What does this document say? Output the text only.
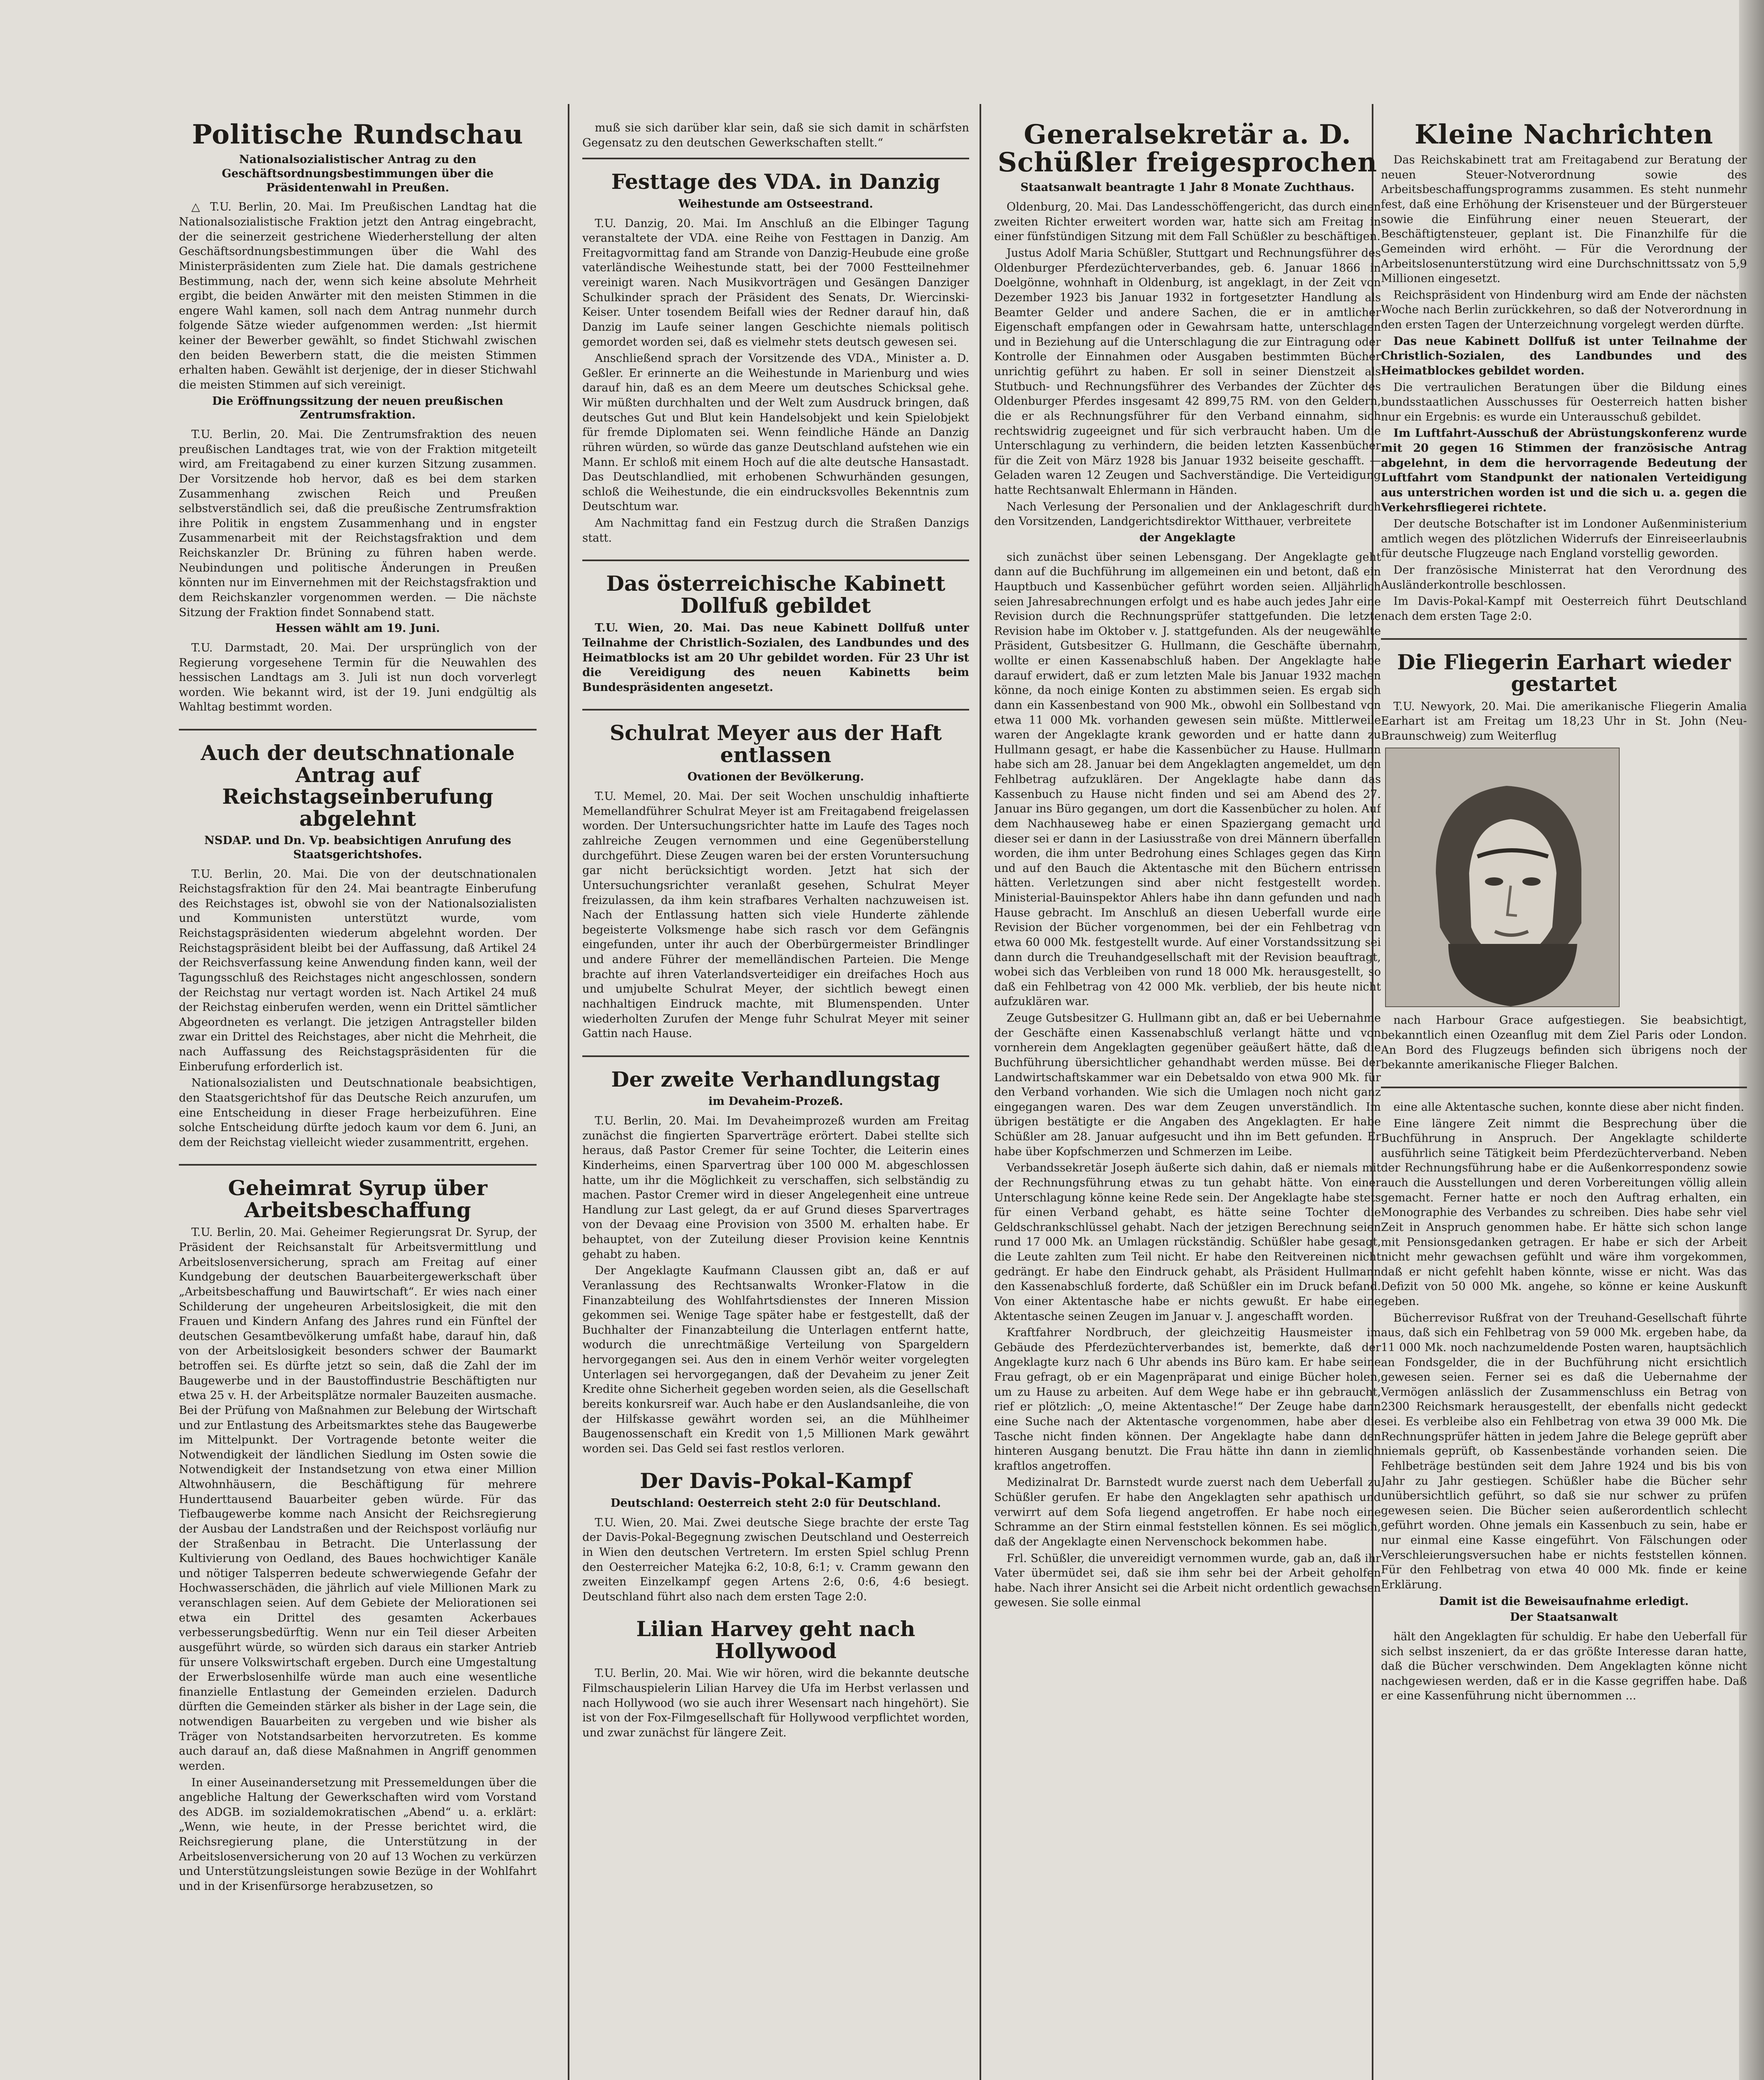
Politische Rundschau
Nationalsozialistischer Antrag zu den Geschäftsordnungsbestimmungen über die Präsidentenwahl in Preußen.

△ T.U. Berlin, 20. Mai. Im Preußischen Landtag hat die Nationalsozialistische Fraktion jetzt den Antrag eingebracht, der die seinerzeit gestrichene Wiederherstellung der alten Geschäftsordnungsbestimmungen über die Wahl des Ministerpräsidenten zum Ziele hat. Die damals gestrichene Bestimmung, nach der, wenn sich keine absolute Mehrheit ergibt, die beiden Anwärter mit den meisten Stimmen in die engere Wahl kamen, soll nach dem Antrag nunmehr durch folgende Sätze wieder aufgenommen werden: „Ist hiermit keiner der Bewerber gewählt, so findet Stichwahl zwischen den beiden Bewerbern statt, die die meisten Stimmen erhalten haben. Gewählt ist derjenige, der in dieser Stichwahl die meisten Stimmen auf sich vereinigt.

Die Eröffnungssitzung der neuen preußischen Zentrumsfraktion.

T.U. Berlin, 20. Mai. Die Zentrumsfraktion des neuen preußischen Landtages trat, wie von der Fraktion mitgeteilt wird, am Freitagabend zu einer kurzen Sitzung zusammen. Der Vorsitzende hob hervor, daß es bei dem starken Zusammenhang zwischen Reich und Preußen selbstverständlich sei, daß die preußische Zentrumsfraktion ihre Politik in engstem Zusammenhang und in engster Zusammenarbeit mit der Reichstagsfraktion und dem Reichskanzler Dr. Brüning zu führen haben werde. Neubindungen und politische Änderungen in Preußen könnten nur im Einvernehmen mit der Reichstagsfraktion und dem Reichskanzler vorgenommen werden. — Die nächste Sitzung der Fraktion findet Sonnabend statt.

Hessen wählt am 19. Juni.

T.U. Darmstadt, 20. Mai. Der ursprünglich von der Regierung vorgesehene Termin für die Neuwahlen des hessischen Landtags am 3. Juli ist nun doch vorverlegt worden. Wie bekannt wird, ist der 19. Juni endgültig als Wahltag bestimmt worden.

Auch der deutschnationale Antrag auf Reichstagseinberufung abgelehnt
NSDAP. und Dn. Vp. beabsichtigen Anrufung des Staatsgerichtshofes.

T.U. Berlin, 20. Mai. Die von der deutschnationalen Reichstagsfraktion für den 24. Mai beantragte Einberufung des Reichstages ist, obwohl sie von der Nationalsozialisten und Kommunisten unterstützt wurde, vom Reichstagspräsidenten wiederum abgelehnt worden. Der Reichstagspräsident bleibt bei der Auffassung, daß Artikel 24 der Reichsverfassung keine Anwendung finden kann, weil der Tagungsschluß des Reichstages nicht angeschlossen, sondern der Reichstag nur vertagt worden ist. Nach Artikel 24 muß der Reichstag einberufen werden, wenn ein Drittel sämtlicher Abgeordneten es verlangt. Die jetzigen Antragsteller bilden zwar ein Drittel des Reichstages, aber nicht die Mehrheit, die nach Auffassung des Reichstagspräsidenten für die Einberufung erforderlich ist.

Nationalsozialisten und Deutschnationale beabsichtigen, den Staatsgerichtshof für das Deutsche Reich anzurufen, um eine Entscheidung in dieser Frage herbeizuführen. Eine solche Entscheidung dürfte jedoch kaum vor dem 6. Juni, an dem der Reichstag vielleicht wieder zusammentritt, ergehen.

Geheimrat Syrup über Arbeitsbeschaffung

T.U. Berlin, 20. Mai. Geheimer Regierungsrat Dr. Syrup, der Präsident der Reichsanstalt für Arbeitsvermittlung und Arbeitslosenversicherung, sprach am Freitag auf einer Kundgebung der deutschen Bauarbeitergewerkschaft über „Arbeitsbeschaffung und Bauwirtschaft“. Er wies nach einer Schilderung der ungeheuren Arbeitslosigkeit, die mit den Frauen und Kindern Anfang des Jahres rund ein Fünftel der deutschen Gesamtbevölkerung umfaßt habe, darauf hin, daß von der Arbeitslosigkeit besonders schwer der Baumarkt betroffen sei. Es dürfte jetzt so sein, daß die Zahl der im Baugewerbe und in der Baustoffindustrie Beschäftigten nur etwa 25 v. H. der Arbeitsplätze normaler Bauzeiten ausmache. Bei der Prüfung von Maßnahmen zur Belebung der Wirtschaft und zur Entlastung des Arbeitsmarktes stehe das Baugewerbe im Mittelpunkt. Der Vortragende betonte weiter die Notwendigkeit der ländlichen Siedlung im Osten sowie die Notwendigkeit der Instandsetzung von etwa einer Million Altwohnhäusern, die Beschäftigung für mehrere Hunderttausend Bauarbeiter geben würde. Für das Tiefbaugewerbe komme nach Ansicht der Reichsregierung der Ausbau der Landstraßen und der Reichspost vorläufig nur der Straßenbau in Betracht. Die Unterlassung der Kultivierung von Oedland, des Baues hochwichtiger Kanäle und nötiger Talsperren bedeute schwerwiegende Gefahr der Hochwasserschäden, die jährlich auf viele Millionen Mark zu veranschlagen seien. Auf dem Gebiete der Meliorationen sei etwa ein Drittel des gesamten Ackerbaues verbesserungsbedürftig. Wenn nur ein Teil dieser Arbeiten ausgeführt würde, so würden sich daraus ein starker Antrieb für unsere Volkswirtschaft ergeben. Durch eine Umgestaltung der Erwerbslosenhilfe würde man auch eine wesentliche finanzielle Entlastung der Gemeinden erzielen. Dadurch dürften die Gemeinden stärker als bisher in der Lage sein, die notwendigen Bauarbeiten zu vergeben und wie bisher als Träger von Notstandsarbeiten hervorzutreten. Es komme auch darauf an, daß diese Maßnahmen in Angriff genommen werden.

In einer Auseinandersetzung mit Pressemeldungen über die angebliche Haltung der Gewerkschaften wird vom Vorstand des ADGB. im sozialdemokratischen „Abend“ u. a. erklärt: „Wenn, wie heute, in der Presse berichtet wird, die Reichsregierung plane, die Unterstützung in der Arbeitslosenversicherung von 20 auf 13 Wochen zu verkürzen und Unterstützungsleistungen sowie Bezüge in der Wohlfahrt und in der Krisenfürsorge herabzusetzen, so

muß sie sich darüber klar sein, daß sie sich damit in schärfsten Gegensatz zu den deutschen Gewerkschaften stellt.“

Festtage des VDA. in Danzig
Weihestunde am Ostseestrand.

T.U. Danzig, 20. Mai. Im Anschluß an die Elbinger Tagung veranstaltete der VDA. eine Reihe von Festtagen in Danzig. Am Freitagvormittag fand am Strande von Danzig-Heubude eine große vaterländische Weihestunde statt, bei der 7000 Festteilnehmer vereinigt waren. Nach Musikvorträgen und Gesängen Danziger Schulkinder sprach der Präsident des Senats, Dr. Wiercinski-Keiser. Unter tosendem Beifall wies der Redner darauf hin, daß Danzig im Laufe seiner langen Geschichte niemals politisch gemordet worden sei, daß es vielmehr stets deutsch gewesen sei.

Anschließend sprach der Vorsitzende des VDA., Minister a. D. Geßler. Er erinnerte an die Weihestunde in Marienburg und wies darauf hin, daß es an dem Meere um deutsches Schicksal gehe. Wir müßten durchhalten und der Welt zum Ausdruck bringen, daß deutsches Gut und Blut kein Handelsobjekt und kein Spielobjekt für fremde Diplomaten sei. Wenn feindliche Hände an Danzig rühren würden, so würde das ganze Deutschland aufstehen wie ein Mann. Er schloß mit einem Hoch auf die alte deutsche Hansastadt. Das Deutschlandlied, mit erhobenen Schwurhänden gesungen, schloß die Weihestunde, die ein eindrucksvolles Bekenntnis zum Deutschtum war.

Am Nachmittag fand ein Festzug durch die Straßen Danzigs statt.

Das österreichische Kabinett Dollfuß gebildet

T.U. Wien, 20. Mai. Das neue Kabinett Dollfuß unter Teilnahme der Christlich-Sozialen, des Landbundes und des Heimatblocks ist am 20 Uhr gebildet worden. Für 23 Uhr ist die Vereidigung des neuen Kabinetts beim Bundespräsidenten angesetzt.

Schulrat Meyer aus der Haft entlassen
Ovationen der Bevölkerung.

T.U. Memel, 20. Mai. Der seit Wochen unschuldig inhaftierte Memellandführer Schulrat Meyer ist am Freitagabend freigelassen worden. Der Untersuchungsrichter hatte im Laufe des Tages noch zahlreiche Zeugen vernommen und eine Gegenüberstellung durchgeführt. Diese Zeugen waren bei der ersten Voruntersuchung gar nicht berücksichtigt worden. Jetzt hat sich der Untersuchungsrichter veranlaßt gesehen, Schulrat Meyer freizulassen, da ihm kein strafbares Verhalten nachzuweisen ist. Nach der Entlassung hatten sich viele Hunderte zählende begeisterte Volksmenge habe sich rasch vor dem Gefängnis eingefunden, unter ihr auch der Oberbürgermeister Brindlinger und andere Führer der memelländischen Parteien. Die Menge brachte auf ihren Vaterlandsverteidiger ein dreifaches Hoch aus und umjubelte Schulrat Meyer, der sichtlich bewegt einen nachhaltigen Eindruck machte, mit Blumenspenden. Unter wiederholten Zurufen der Menge fuhr Schulrat Meyer mit seiner Gattin nach Hause.

Der zweite Verhandlungstag
im Devaheim-Prozeß.

T.U. Berlin, 20. Mai. Im Devaheimprozeß wurden am Freitag zunächst die fingierten Sparverträge erörtert. Dabei stellte sich heraus, daß Pastor Cremer für seine Tochter, die Leiterin eines Kinderheims, einen Sparvertrag über 100 000 M. abgeschlossen hatte, um ihr die Möglichkeit zu verschaffen, sich selbständig zu machen. Pastor Cremer wird in dieser Angelegenheit eine untreue Handlung zur Last gelegt, da er auf Grund dieses Sparvertrages von der Devaag eine Provision von 3500 M. erhalten habe. Er behauptet, von der Zuteilung dieser Provision keine Kenntnis gehabt zu haben.

Der Angeklagte Kaufmann Claussen gibt an, daß er auf Veranlassung des Rechtsanwalts Wronker-Flatow in die Finanzabteilung des Wohlfahrtsdienstes der Inneren Mission gekommen sei. Wenige Tage später habe er festgestellt, daß der Buchhalter der Finanzabteilung die Unterlagen entfernt hatte, wodurch die unrechtmäßige Verteilung von Spargeldern hervorgegangen sei. Aus den in einem Verhör weiter vorgelegten Unterlagen sei hervorgegangen, daß der Devaheim zu jener Zeit Kredite ohne Sicherheit gegeben worden seien, als die Gesellschaft bereits konkursreif war. Auch habe er den Auslandsanleihe, die von der Hilfskasse gewährt worden sei, an die Mühlheimer Baugenossenschaft ein Kredit von 1,5 Millionen Mark gewährt worden sei. Das Geld sei fast restlos verloren.

Der Davis-Pokal-Kampf
Deutschland: Oesterreich steht 2:0 für Deutschland.

T.U. Wien, 20. Mai. Zwei deutsche Siege brachte der erste Tag der Davis-Pokal-Begegnung zwischen Deutschland und Oesterreich in Wien den deutschen Vertretern. Im ersten Spiel schlug Prenn den Oesterreicher Matejka 6:2, 10:8, 6:1; v. Cramm gewann den zweiten Einzelkampf gegen Artens 2:6, 0:6, 4:6 besiegt. Deutschland führt also nach dem ersten Tage 2:0.

Lilian Harvey geht nach Hollywood

T.U. Berlin, 20. Mai. Wie wir hören, wird die bekannte deutsche Filmschauspielerin Lilian Harvey die Ufa im Herbst verlassen und nach Hollywood (wo sie auch ihrer Wesensart nach hingehört). Sie ist von der Fox-Filmgesellschaft für Hollywood verpflichtet worden, und zwar zunächst für längere Zeit.

Generalsekretär a. D. Schüßler freigesprochen
Staatsanwalt beantragte 1 Jahr 8 Monate Zuchthaus.

Oldenburg, 20. Mai. Das Landesschöffengericht, das durch einen zweiten Richter erweitert worden war, hatte sich am Freitag in einer fünfstündigen Sitzung mit dem Fall Schüßler zu beschäftigen.

Justus Adolf Maria Schüßler, Stuttgart und Rechnungsführer des Oldenburger Pferdezüchterverbandes, geb. 6. Januar 1866 in Doelgönne, wohnhaft in Oldenburg, ist angeklagt, in der Zeit von Dezember 1923 bis Januar 1932 in fortgesetzter Handlung als Beamter Gelder und andere Sachen, die er in amtlicher Eigenschaft empfangen oder in Gewahrsam hatte, unterschlagen und in Beziehung auf die Unterschlagung die zur Eintragung oder Kontrolle der Einnahmen oder Ausgaben bestimmten Bücher unrichtig geführt zu haben. Er soll in seiner Dienstzeit als Stutbuch- und Rechnungsführer des Verbandes der Züchter des Oldenburger Pferdes insgesamt 42 899,75 RM. von den Geldern, die er als Rechnungsführer für den Verband einnahm, sich rechtswidrig zugeeignet und für sich verbraucht haben. Um die Unterschlagung zu verhindern, die beiden letzten Kassenbücher für die Zeit von März 1928 bis Januar 1932 beiseite geschafft. — Geladen waren 12 Zeugen und Sachverständige. Die Verteidigung hatte Rechtsanwalt Ehlermann in Händen.

Nach Verlesung der Personalien und der Anklageschrift durch den Vorsitzenden, Landgerichtsdirektor Witthauer, verbreitete

der Angeklagte

sich zunächst über seinen Lebensgang. Der Angeklagte geht dann auf die Buchführung im allgemeinen ein und betont, daß ein Hauptbuch und Kassenbücher geführt worden seien. Alljährlich seien Jahresabrechnungen erfolgt und es habe auch jedes Jahr eine Revision durch die Rechnungsprüfer stattgefunden. Die letzte Revision habe im Oktober v. J. stattgefunden. Als der neugewählte Präsident, Gutsbesitzer G. Hullmann, die Geschäfte übernahm, wollte er einen Kassenabschluß haben. Der Angeklagte habe darauf erwidert, daß er zum letzten Male bis Januar 1932 machen könne, da noch einige Konten zu abstimmen seien. Es ergab sich dann ein Kassenbestand von 900 Mk., obwohl ein Sollbestand von etwa 11 000 Mk. vorhanden gewesen sein müßte. Mittlerweile waren der Angeklagte krank geworden und er hatte dann zu Hullmann gesagt, er habe die Kassenbücher zu Hause. Hullmann habe sich am 28. Januar bei dem Angeklagten angemeldet, um den Fehlbetrag aufzuklären. Der Angeklagte habe dann das Kassenbuch zu Hause nicht finden und sei am Abend des 27. Januar ins Büro gegangen, um dort die Kassenbücher zu holen. Auf dem Nachhauseweg habe er einen Spaziergang gemacht und dieser sei er dann in der Lasiusstraße von drei Männern überfallen worden, die ihm unter Bedrohung eines Schlages gegen das Kinn und auf den Bauch die Aktentasche mit den Büchern entrissen hätten. Verletzungen sind aber nicht festgestellt worden. Ministerial-Bauinspektor Ahlers habe ihn dann gefunden und nach Hause gebracht. Im Anschluß an diesen Ueberfall wurde eine Revision der Bücher vorgenommen, bei der ein Fehlbetrag von etwa 60 000 Mk. festgestellt wurde. Auf einer Vorstandssitzung sei dann durch die Treuhandgesellschaft mit der Revision beauftragt, wobei sich das Verbleiben von rund 18 000 Mk. herausgestellt, so daß ein Fehlbetrag von 42 000 Mk. verblieb, der bis heute nicht aufzuklären war.

Zeuge Gutsbesitzer G. Hullmann gibt an, daß er bei Uebernahme der Geschäfte einen Kassenabschluß verlangt hätte und von vornherein dem Angeklagten gegenüber geäußert hätte, daß die Buchführung übersichtlicher gehandhabt werden müsse. Bei der Landwirtschaftskammer war ein Debetsaldo von etwa 900 Mk. für den Verband vorhanden. Wie sich die Umlagen noch nicht ganz eingegangen waren. Des war dem Zeugen unverständlich. Im übrigen bestätigte er die Angaben des Angeklagten. Er habe Schüßler am 28. Januar aufgesucht und ihn im Bett gefunden. Er habe über Kopfschmerzen und Schmerzen im Leibe.

Verbandssekretär Joseph äußerte sich dahin, daß er niemals mit der Rechnungsführung etwas zu tun gehabt hätte. Von einer Unterschlagung könne keine Rede sein. Der Angeklagte habe stets für einen Verband gehabt, es hätte seine Tochter die Geldschrankschlüssel gehabt. Nach der jetzigen Berechnung seien rund 17 000 Mk. an Umlagen rückständig. Schüßler habe gesagt, die Leute zahlten zum Teil nicht. Er habe den Reitvereinen nicht gedrängt. Er habe den Eindruck gehabt, als Präsident Hullmann den Kassenabschluß forderte, daß Schüßler ein im Druck befand. Von einer Aktentasche habe er nichts gewußt. Er habe eine Aktentasche seinen Zeugen im Januar v. J. angeschafft worden.

Kraftfahrer Nordbruch, der gleichzeitig Hausmeister im Gebäude des Pferdezüchterverbandes ist, bemerkte, daß der Angeklagte kurz nach 6 Uhr abends ins Büro kam. Er habe seine Frau gefragt, ob er ein Magenpräparat und einige Bücher holen, um zu Hause zu arbeiten. Auf dem Wege habe er ihn gebraucht, rief er plötzlich: „O, meine Aktentasche!“ Der Zeuge habe dann eine Suche nach der Aktentasche vorgenommen, habe aber die Tasche nicht finden können. Der Angeklagte habe dann den hinteren Ausgang benutzt. Die Frau hätte ihn dann in ziemlich kraftlos angetroffen.

Medizinalrat Dr. Barnstedt wurde zuerst nach dem Ueberfall zu Schüßler gerufen. Er habe den Angeklagten sehr apathisch und verwirrt auf dem Sofa liegend angetroffen. Er habe noch eine Schramme an der Stirn einmal feststellen können. Es sei möglich, daß der Angeklagte einen Nervenschock bekommen habe.

Frl. Schüßler, die unvereidigt vernommen wurde, gab an, daß ihr Vater übermüdet sei, daß sie ihm sehr bei der Arbeit geholfen habe. Nach ihrer Ansicht sei die Arbeit nicht ordentlich gewachsen gewesen. Sie solle einmal

Kleine Nachrichten

Das Reichskabinett trat am Freitagabend zur Beratung der neuen Steuer-Notverordnung sowie des Arbeitsbeschaffungsprogramms zusammen. Es steht nunmehr fest, daß eine Erhöhung der Krisensteuer und der Bürgersteuer sowie die Einführung einer neuen Steuerart, der Beschäftigtensteuer, geplant ist. Die Finanzhilfe für die Gemeinden wird erhöht. — Für die Verordnung der Arbeitslosenunterstützung wird eine Durchschnittssatz von 5,9 Millionen eingesetzt.

Reichspräsident von Hindenburg wird am Ende der nächsten Woche nach Berlin zurückkehren, so daß der Notverordnung in den ersten Tagen der Unterzeichnung vorgelegt werden dürfte.

Das neue Kabinett Dollfuß ist unter Teilnahme der Christlich-Sozialen, des Landbundes und des Heimatblockes gebildet worden.

Die vertraulichen Beratungen über die Bildung eines bundsstaatlichen Ausschusses für Oesterreich hatten bisher nur ein Ergebnis: es wurde ein Unterausschuß gebildet.

Im Luftfahrt-Ausschuß der Abrüstungskonferenz wurde mit 20 gegen 16 Stimmen der französische Antrag abgelehnt, in dem die hervorragende Bedeutung der Luftfahrt vom Standpunkt der nationalen Verteidigung aus unterstrichen worden ist und die sich u. a. gegen die Verkehrsfliegerei richtete.

Der deutsche Botschafter ist im Londoner Außenministerium amtlich wegen des plötzlichen Widerrufs der Einreiseerlaubnis für deutsche Flugzeuge nach England vorstellig geworden.

Der französische Ministerrat hat den Verordnung des Ausländerkontrolle beschlossen.

Im Davis-Pokal-Kampf mit Oesterreich führt Deutschland nach dem ersten Tage 2:0.

Die Fliegerin Earhart wieder gestartet

T.U. Newyork, 20. Mai. Die amerikanische Fliegerin Amalia Earhart ist am Freitag um 18,23 Uhr in St. John (Neu-Braunschweig) zum Weiterflug

nach Harbour Grace aufgestiegen. Sie beabsichtigt, bekanntlich einen Ozeanflug mit dem Ziel Paris oder London. An Bord des Flugzeugs befinden sich übrigens noch der bekannte amerikanische Flieger Balchen.

eine alle Aktentasche suchen, konnte diese aber nicht finden.

Eine längere Zeit nimmt die Besprechung über die Buchführung in Anspruch. Der Angeklagte schilderte ausführlich seine Tätigkeit beim Pferdezüchterverband. Neben der Rechnungsführung habe er die Außenkorrespondenz sowie auch die Ausstellungen und deren Vorbereitungen völlig allein gemacht. Ferner hatte er noch den Auftrag erhalten, ein Monographie des Verbandes zu schreiben. Dies habe sehr viel Zeit in Anspruch genommen habe. Er hätte sich schon lange mit Pensionsgedanken getragen. Er habe er sich der Arbeit nicht mehr gewachsen gefühlt und wäre ihm vorgekommen, daß er nicht gefehlt haben könnte, wisse er nicht. Was das Defizit von 50 000 Mk. angehe, so könne er keine Auskunft geben.

Bücherrevisor Rußfrat von der Treuhand-Gesellschaft führte aus, daß sich ein Fehlbetrag von 59 000 Mk. ergeben habe, da 11 000 Mk. noch nachzumeldende Posten waren, hauptsächlich an Fondsgelder, die in der Buchführung nicht ersichtlich gewesen seien. Ferner sei es daß die Uebernahme der Vermögen anlässlich der Zusammenschluss ein Betrag von 2300 Reichsmark herausgestellt, der ebenfalls nicht gedeckt sei. Es verbleibe also ein Fehlbetrag von etwa 39 000 Mk. Die Rechnungsprüfer hätten in jedem Jahre die Belege geprüft aber niemals geprüft, ob Kassenbestände vorhanden seien. Die Fehlbeträge bestünden seit dem Jahre 1924 und bis bis von Jahr zu Jahr gestiegen. Schüßler habe die Bücher sehr unübersichtlich geführt, so daß sie nur schwer zu prüfen gewesen seien. Die Bücher seien außerordentlich schlecht geführt worden. Ohne jemals ein Kassenbuch zu sein, habe er nur einmal eine Kasse eingeführt. Von Fälschungen oder Verschleierungsversuchen habe er nichts feststellen können. Für den Fehlbetrag von etwa 40 000 Mk. finde er keine Erklärung.

Damit ist die Beweisaufnahme erledigt.

Der Staatsanwalt

hält den Angeklagten für schuldig. Er habe den Ueberfall für sich selbst inszeniert, da er das größte Interesse daran hatte, daß die Bücher verschwinden. Dem Angeklagten könne nicht nachgewiesen werden, daß er in die Kasse gegriffen habe. Daß er eine Kassenführung nicht übernommen ...
